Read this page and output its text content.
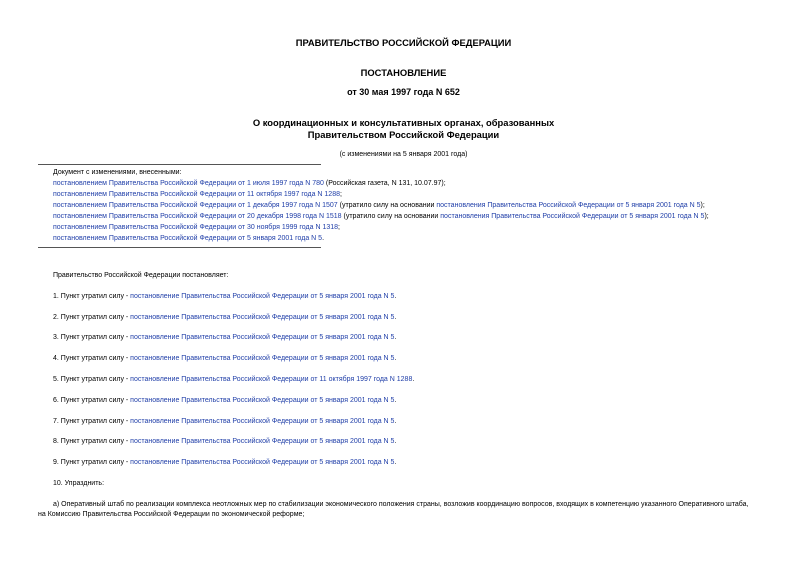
ПРАВИТЕЛЬСТВО РОССИЙСКОЙ ФЕДЕРАЦИИ
ПОСТАНОВЛЕНИЕ
от 30 мая 1997 года N 652
О координационных и консультативных органах, образованных
Правительством Российской Федерации
(с изменениями на 5 января 2001 года)
Документ с изменениями, внесенными:
постановлением Правительства Российской Федерации от 1 июля 1997 года N 780 (Российская газета, N 131, 10.07.97);
постановлением Правительства Российской Федерации от 11 октября 1997 года N 1288;
постановлением Правительства Российской Федерации от 1 декабря 1997 года N 1507 (утратило силу на основании постановления Правительства Российской Федерации от 5 января 2001 года N 5);
постановлением Правительства Российской Федерации от 20 декабря 1998 года N 1518 (утратило силу на основании постановления Правительства Российской Федерации от 5 января 2001 года N 5);
постановлением Правительства Российской Федерации от 30 ноября 1999 года N 1318;
постановлением Правительства Российской Федерации от 5 января 2001 года N 5.
Правительство Российской Федерации постановляет:
1. Пункт утратил силу - постановление Правительства Российской Федерации от 5 января 2001 года N 5.
2. Пункт утратил силу - постановление Правительства Российской Федерации от 5 января 2001 года N 5.
3. Пункт утратил силу - постановление Правительства Российской Федерации от 5 января 2001 года N 5.
4. Пункт утратил силу - постановление Правительства Российской Федерации от 5 января 2001 года N 5.
5. Пункт утратил силу - постановление Правительства Российской Федерации от 11 октября 1997 года N 1288.
6. Пункт утратил силу - постановление Правительства Российской Федерации от 5 января 2001 года N 5.
7. Пункт утратил силу - постановление Правительства Российской Федерации от 5 января 2001 года N 5.
8. Пункт утратил силу - постановление Правительства Российской Федерации от 5 января 2001 года N 5.
9. Пункт утратил силу - постановление Правительства Российской Федерации от 5 января 2001 года N 5.
10. Упразднить:
а) Оперативный штаб по реализации комплекса неотложных мер по стабилизации экономического положения страны, возложив координацию вопросов, входящих в компетенцию указанного Оперативного штаба,
на Комиссию Правительства Российской Федерации по экономической реформе;
